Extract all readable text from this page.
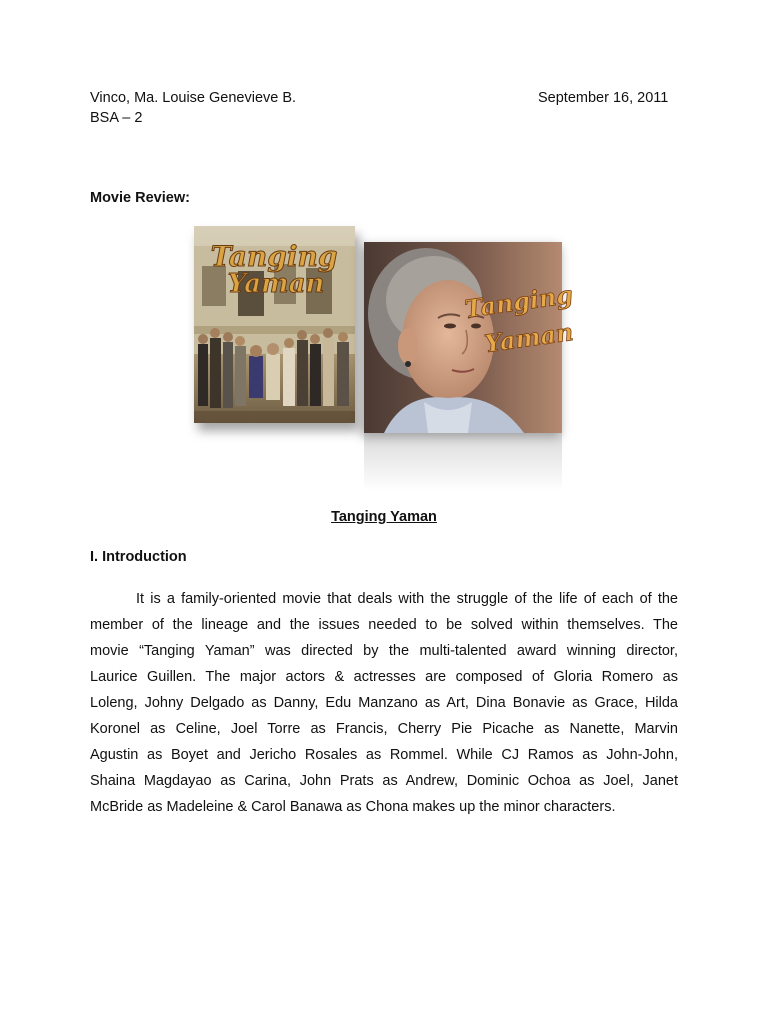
Vinco, Ma. Louise Genevieve B.
BSA – 2
September 16, 2011
Movie Review:
Tanging
Yaman	Tanging
Yaman
Tanging Yaman
I. Introduction
It is a family-oriented movie that deals with the struggle of the life of each of the
member of the lineage and the issues needed to be solved within themselves. The
movie “Tanging Yaman” was directed by the multi-talented award winning director,
Laurice Guillen. The major actors & actresses are composed of Gloria Romero as
Loleng, Johny Delgado as Danny, Edu Manzano as Art, Dina Bonavie as Grace, Hilda
Koronel as Celine, Joel Torre as Francis, Cherry Pie Picache as Nanette, Marvin
Agustin as Boyet and Jericho Rosales as Rommel. While CJ Ramos as John-John,
Shaina Magdayao as Carina, John Prats as Andrew, Dominic Ochoa as Joel, Janet
McBride as Madeleine & Carol Banawa as Chona makes up the minor characters.
